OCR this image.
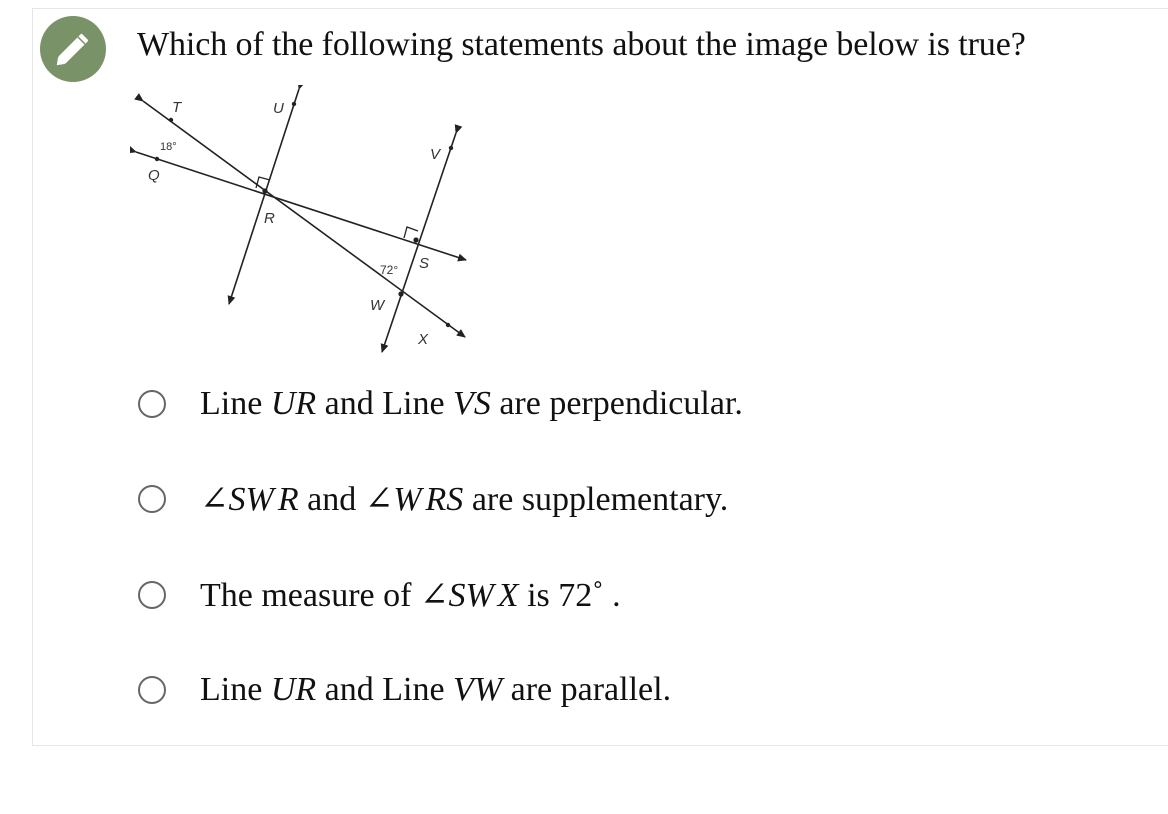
Which of the following statements about the image below is true?
T	U
V
Q
R
S
W
X
18°
72°
Line UR and Line VS are perpendicular.
∠SW R and ∠W RS are supplementary.
The measure of ∠SW X is 72˚ .
Line UR and Line VW are parallel.
